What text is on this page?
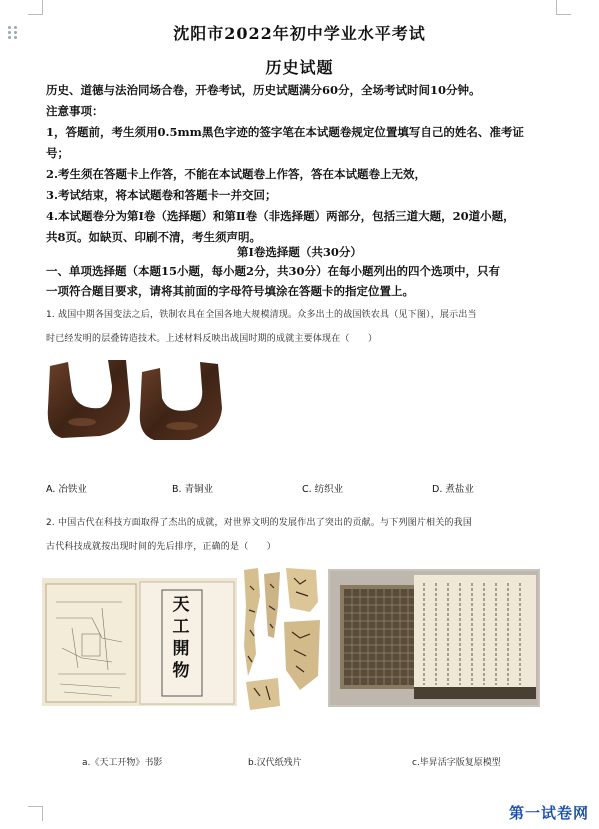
沈阳市2022年初中学业水平考试
历史试题
历史、道德与法治同场合卷，开卷考试，历史试题满分60分，全场考试时间10分钟。
注意事项：
1，答题前，考生须用0.5mm黑色字迹的签字笔在本试题卷规定位置填写自己的姓名、准考证
号；
2.考生须在答题卡上作答，不能在本试题卷上作答，答在本试题卷上无效，
3.考试结束，将本试题卷和答题卡一并交回；
4.本试题卷分为第Ⅰ卷（选择题）和第Ⅱ卷（非选择题）两部分，包括三道大题，20道小题，
共8页。如缺页、印刷不清，考生须声明。
第Ⅰ卷选择题（共30分）
一、单项选择题（本题15小题，每小题2分，共30分）在每小题列出的四个选项中，只有
一项符合题目要求，请将其前面的字母符号填涂在答题卡的指定位置上。
1. 战国中期各国变法之后，铁制农具在全国各地大规模清现。众多出土的战国铁农具（见下图），展示出当
时已经发明的层叠铸造技术。上述材料反映出战国时期的成就主要体现在（　　）
A. 冶铁业	B. 青铜业	C. 纺织业	D. 煮盐业
2. 中国古代在科技方面取得了杰出的成就，对世界文明的发展作出了突出的贡献。与下列图片相关的我国
古代科技成就按出现时间的先后排序，正确的是（　　）
天
工
開
物
a.《天工开物》书影	b.汉代纸残片	c.毕昇活字版复原模型
第一试卷网
